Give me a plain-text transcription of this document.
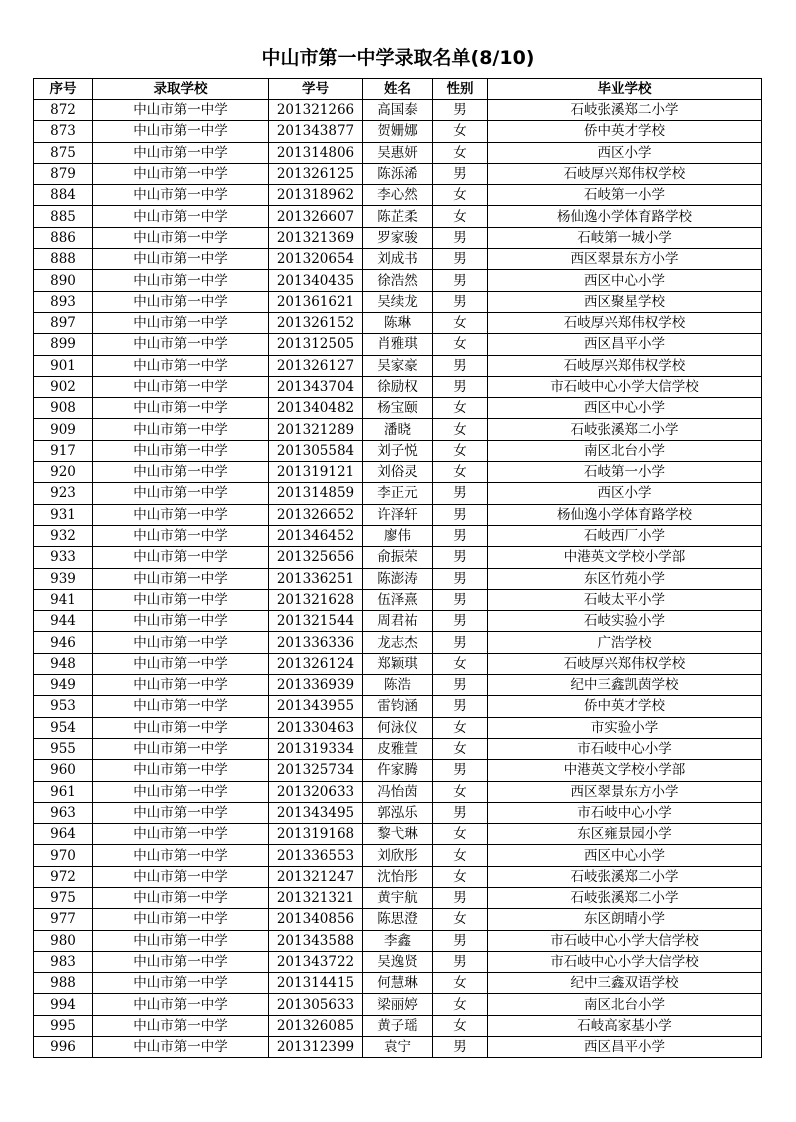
中山市第一中学录取名单(8/10)
序号	录取学校	学号	姓名	性别	毕业学校
872	中山市第一中学	201321266	高国泰	男	石岐张溪郑二小学
873	中山市第一中学	201343877	贺姗娜	女	侨中英才学校
875	中山市第一中学	201314806	吴惠妍	女	西区小学
879	中山市第一中学	201326125	陈泺浠	男	石岐厚兴郑伟权学校
884	中山市第一中学	201318962	李心然	女	石岐第一小学
885	中山市第一中学	201326607	陈芷柔	女	杨仙逸小学体育路学校
886	中山市第一中学	201321369	罗家骏	男	石岐第一城小学
888	中山市第一中学	201320654	刘成书	男	西区翠景东方小学
890	中山市第一中学	201340435	徐浩然	男	西区中心小学
893	中山市第一中学	201361621	吴续龙	男	西区聚星学校
897	中山市第一中学	201326152	陈琳	女	石岐厚兴郑伟权学校
899	中山市第一中学	201312505	肖雅琪	女	西区昌平小学
901	中山市第一中学	201326127	吴家豪	男	石岐厚兴郑伟权学校
902	中山市第一中学	201343704	徐励权	男	市石岐中心小学大信学校
908	中山市第一中学	201340482	杨宝颐	女	西区中心小学
909	中山市第一中学	201321289	潘晓	女	石岐张溪郑二小学
917	中山市第一中学	201305584	刘子悦	女	南区北台小学
920	中山市第一中学	201319121	刘俗灵	女	石岐第一小学
923	中山市第一中学	201314859	李正元	男	西区小学
931	中山市第一中学	201326652	许泽轩	男	杨仙逸小学体育路学校
932	中山市第一中学	201346452	廖伟	男	石岐西厂小学
933	中山市第一中学	201325656	俞振荣	男	中港英文学校小学部
939	中山市第一中学	201336251	陈澎涛	男	东区竹苑小学
941	中山市第一中学	201321628	伍泽熹	男	石岐太平小学
944	中山市第一中学	201321544	周君祐	男	石岐实验小学
946	中山市第一中学	201336336	龙志杰	男	广浩学校
948	中山市第一中学	201326124	郑颖琪	女	石岐厚兴郑伟权学校
949	中山市第一中学	201336939	陈浩	男	纪中三鑫凯茵学校
953	中山市第一中学	201343955	雷钧涵	男	侨中英才学校
954	中山市第一中学	201330463	何泳仪	女	市实验小学
955	中山市第一中学	201319334	皮雅萱	女	市石岐中心小学
960	中山市第一中学	201325734	仵家腾	男	中港英文学校小学部
961	中山市第一中学	201320633	冯怡茵	女	西区翠景东方小学
963	中山市第一中学	201343495	郭泓乐	男	市石岐中心小学
964	中山市第一中学	201319168	黎弋琳	女	东区雍景园小学
970	中山市第一中学	201336553	刘欣彤	女	西区中心小学
972	中山市第一中学	201321247	沈怡彤	女	石岐张溪郑二小学
975	中山市第一中学	201321321	黄宇航	男	石岐张溪郑二小学
977	中山市第一中学	201340856	陈思澄	女	东区朗晴小学
980	中山市第一中学	201343588	李鑫	男	市石岐中心小学大信学校
983	中山市第一中学	201343722	吴逸贤	男	市石岐中心小学大信学校
988	中山市第一中学	201314415	何慧琳	女	纪中三鑫双语学校
994	中山市第一中学	201305633	梁丽婷	女	南区北台小学
995	中山市第一中学	201326085	黄子瑶	女	石岐高家基小学
996	中山市第一中学	201312399	袁宁	男	西区昌平小学
